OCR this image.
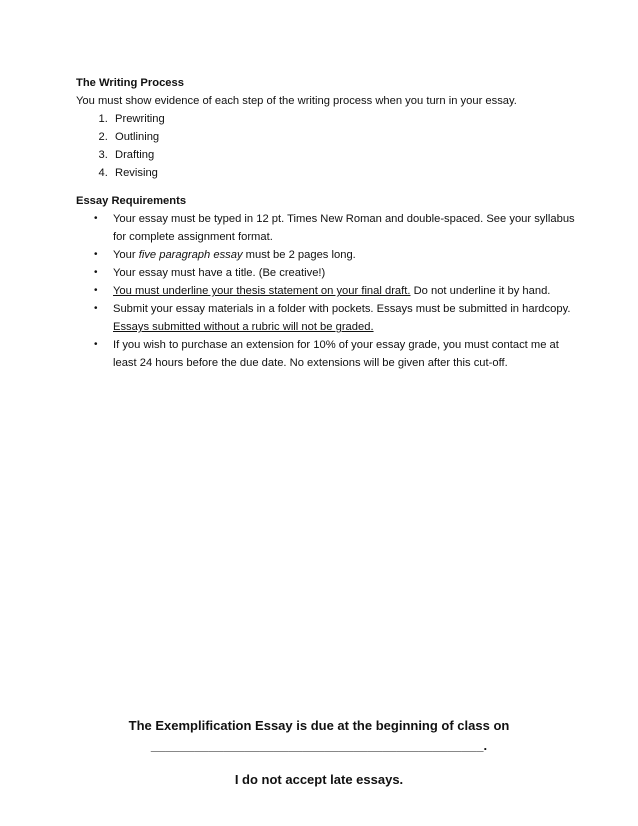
The Writing Process

You must show evidence of each step of the writing process when you turn in your essay.

1. Prewriting
2. Outlining
3. Drafting
4. Revising

Essay Requirements

• Your essay must be typed in 12 pt. Times New Roman and double-spaced. See your syllabus for complete assignment format.
• Your five paragraph essay must be 2 pages long.
• Your essay must have a title. (Be creative!)
• You must underline your thesis statement on your final draft. Do not underline it by hand.
• Submit your essay materials in a folder with pockets. Essays must be submitted in hardcopy. Essays submitted without a rubric will not be graded.
• If you wish to purchase an extension for 10% of your essay grade, you must contact me at least 24 hours before the due date. No extensions will be given after this cut-off.
The Exemplification Essay is due at the beginning of class on
______________________________________________.
I do not accept late essays.
